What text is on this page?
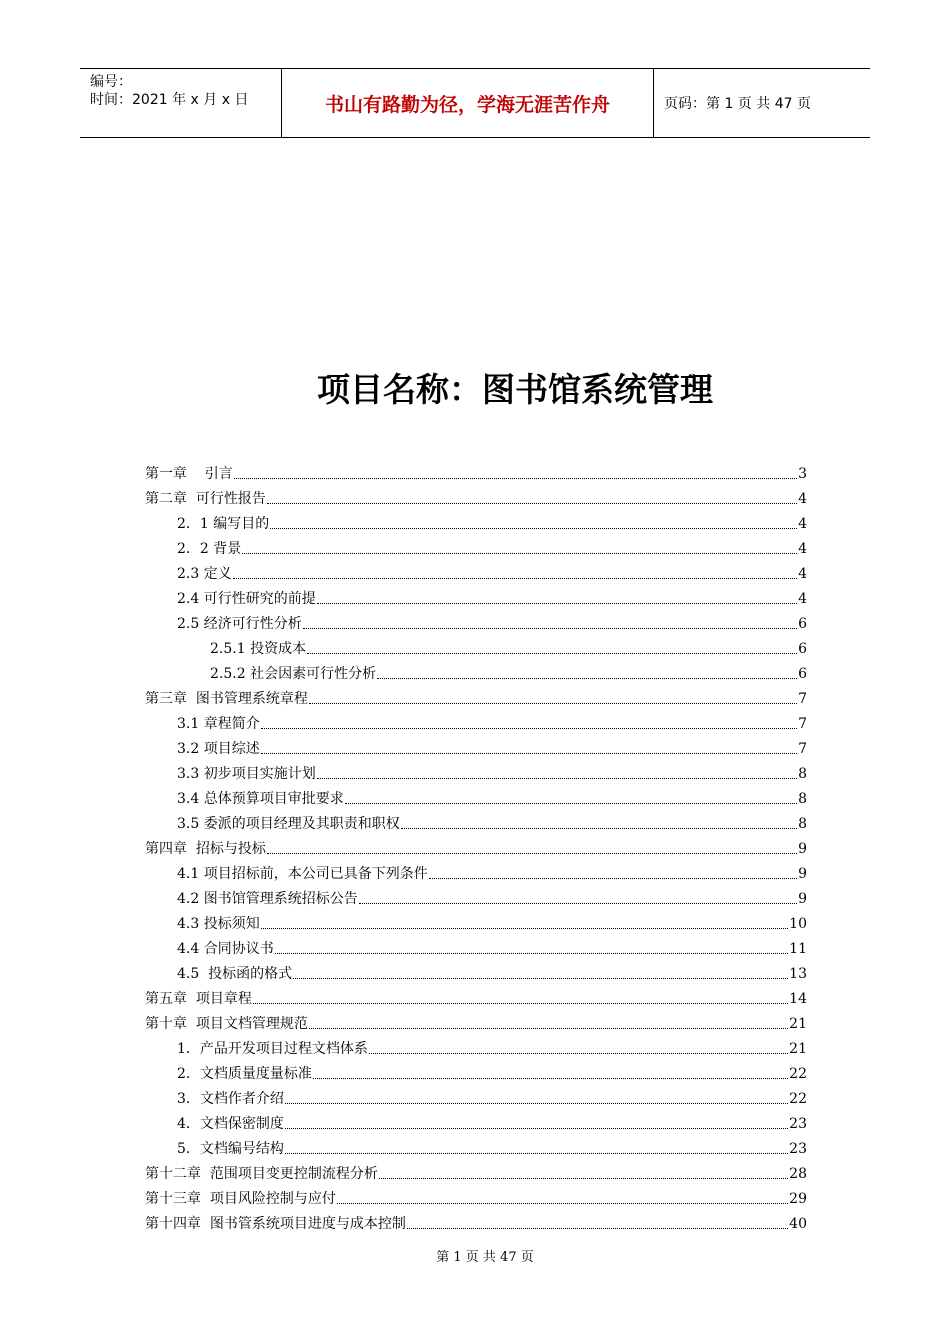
编号：
时间：2021 年 x 月 x 日	书山有路勤为径，学海无涯苦作舟	页码：第 1 页 共 47 页
项目名称：图书馆系统管理
第一章    引言	3
第二章  可行性报告	4
2．1 编写目的	4
2．2 背景	4
2.3 定义	4
2.4 可行性研究的前提	4
2.5 经济可行性分析	6
2.5.1 投资成本	6
2.5.2 社会因素可行性分析	6
第三章  图书管理系统章程	7
3.1 章程简介	7
3.2 项目综述	7
3.3 初步项目实施计划	8
3.4 总体预算项目审批要求	8
3.5 委派的项目经理及其职责和职权	8
第四章  招标与投标	9
4.1 项目招标前，本公司已具备下列条件	9
4.2 图书馆管理系统招标公告	9
4.3 投标须知	10
4.4 合同协议书	11
4.5  投标函的格式	13
第五章  项目章程	14
第十章  项目文档管理规范	21
1．产品开发项目过程文档体系	21
2．文档质量度量标准	22
3．文档作者介绍	22
4．文档保密制度	23
5．文档编号结构	23
第十二章  范围项目变更控制流程分析	28
第十三章  项目风险控制与应付	29
第十四章  图书管系统项目进度与成本控制	40
第 1 页 共 47 页
